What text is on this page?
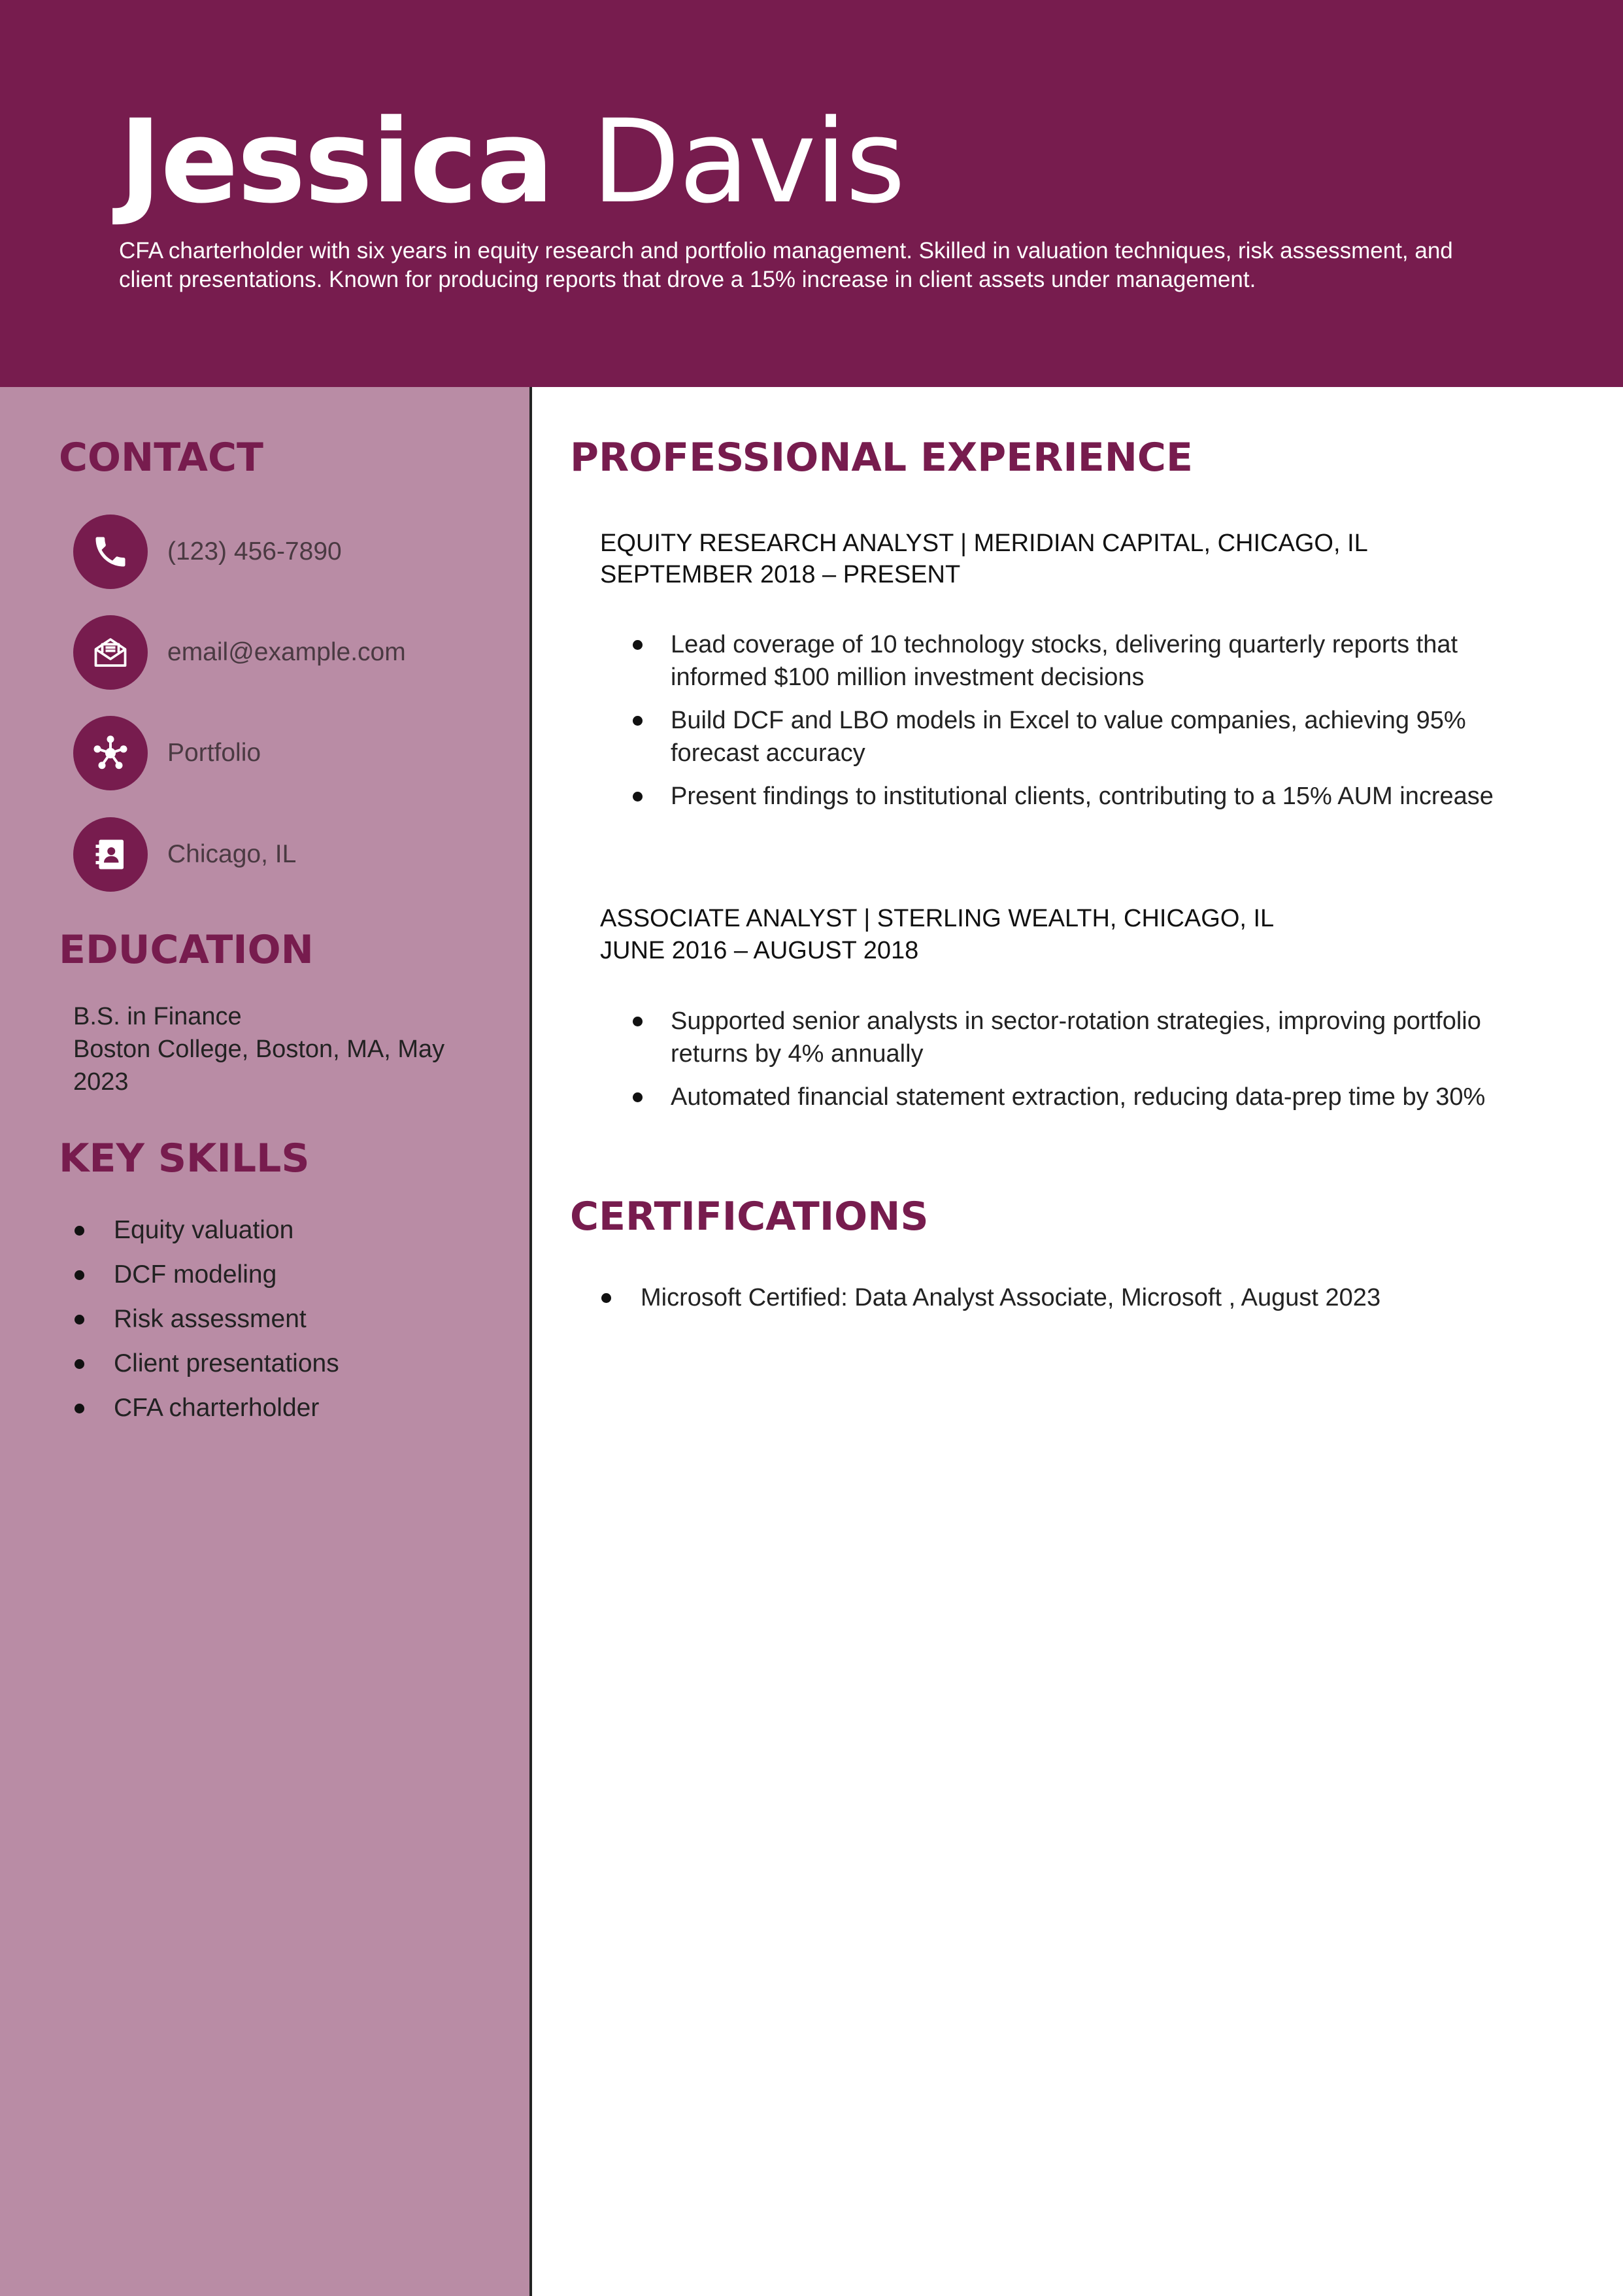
Jessica Davis

CFA charterholder with six years in equity research and portfolio management. Skilled in valuation techniques, risk assessment, and client presentations. Known for producing reports that drove a 15% increase in client assets under management.

CONTACT
(123) 456-7890
email@example.com
Portfolio
Chicago, IL
EDUCATION
B.S. in Finance
Boston College, Boston, MA, May 2023
KEY SKILLS
Equity valuation
DCF modeling
Risk assessment
Client presentations
CFA charterholder
PROFESSIONAL EXPERIENCE
EQUITY RESEARCH ANALYST | MERIDIAN CAPITAL, CHICAGO, IL
SEPTEMBER 2018 – PRESENT
Lead coverage of 10 technology stocks, delivering quarterly reports that informed $100 million investment decisions
Build DCF and LBO models in Excel to value companies, achieving 95% forecast accuracy
Present findings to institutional clients, contributing to a 15% AUM increase
ASSOCIATE ANALYST | STERLING WEALTH, CHICAGO, IL
JUNE 2016 – AUGUST 2018
Supported senior analysts in sector-rotation strategies, improving portfolio returns by 4% annually
Automated financial statement extraction, reducing data-prep time by 30%
CERTIFICATIONS
Microsoft Certified: Data Analyst Associate, Microsoft , August 2023
